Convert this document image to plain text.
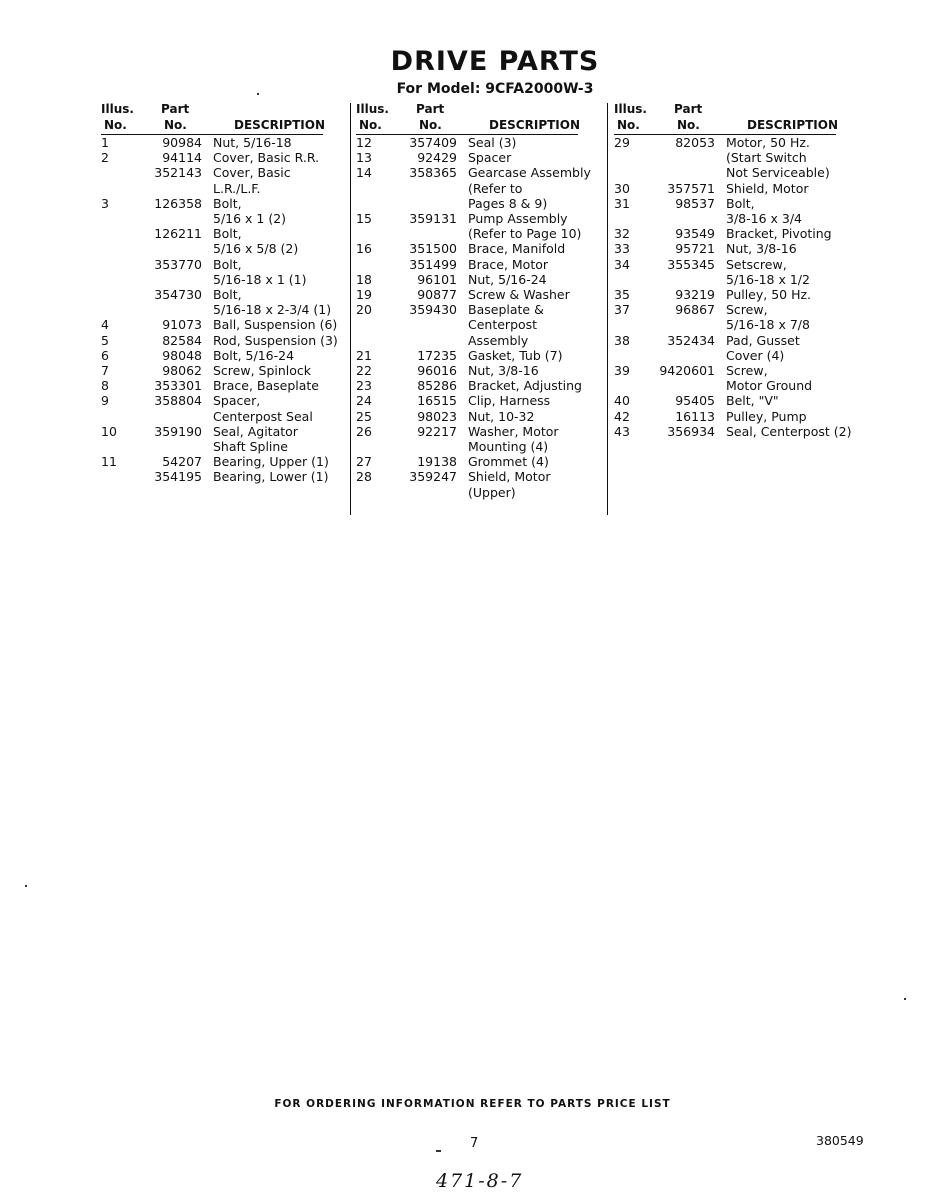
DRIVE PARTS
For Model: 9CFA2000W-3
Illus.
No.
Part
No.	DESCRIPTION
1	90984 Nut, 5/16-18
2	94114 Cover, Basic R.R.
352143 Cover, Basic
L.R./L.F.
3	126358 Bolt,
5/16 x 1 (2)
126211 Bolt,
5/16 x 5/8 (2)
353770 Bolt,
5/16-18 x 1 (1)
354730 Bolt,
5/16-18 x 2-3/4 (1)
4	91073 Ball, Suspension (6)
5	82584 Rod, Suspension (3)
6	98048 Bolt, 5/16-24
7	98062 Screw, Spinlock
8	353301 Brace, Baseplate
9	358804 Spacer,
Centerpost Seal
10	359190 Seal, Agitator
Shaft Spline
11	54207 Bearing, Upper (1)
354195 Bearing, Lower (1)
Illus.
No.
Part
No.	DESCRIPTION
12	357409 Seal (3)
13	92429 Spacer
14	358365 Gearcase Assembly
(Refer to
Pages 8 & 9)
15	359131 Pump Assembly
(Refer to Page 10)
16	351500 Brace, Manifold
351499 Brace, Motor
18	96101 Nut, 5/16-24
19	90877 Screw & Washer
20	359430 Baseplate &
Centerpost
Assembly
21	17235 Gasket, Tub (7)
22	96016 Nut, 3/8-16
23	85286 Bracket, Adjusting
24	16515 Clip, Harness
25	98023 Nut, 10-32
26	92217 Washer, Motor
Mounting (4)
27	19138 Grommet (4)
28	359247 Shield, Motor
(Upper)
Illus.
No.
Part
No.	DESCRIPTION
29	82053 Motor, 50 Hz.
(Start Switch
Not Serviceable)
30	357571 Shield, Motor
31	98537 Bolt,
3/8-16 x 3/4
32	93549 Bracket, Pivoting
33	95721 Nut, 3/8-16
34	355345 Setscrew,
5/16-18 x 1/2
35	93219 Pulley, 50 Hz.
37	96867 Screw,
5/16-18 x 7/8
38	352434 Pad, Gusset
Cover (4)
39 9420601 Screw,
Motor Ground
40	95405 Belt, "V"
42	16113 Pulley, Pump
43	356934 Seal, Centerpost (2)
FOR ORDERING INFORMATION REFER TO PARTS PRICE LIST
7	380549
471-8-7
